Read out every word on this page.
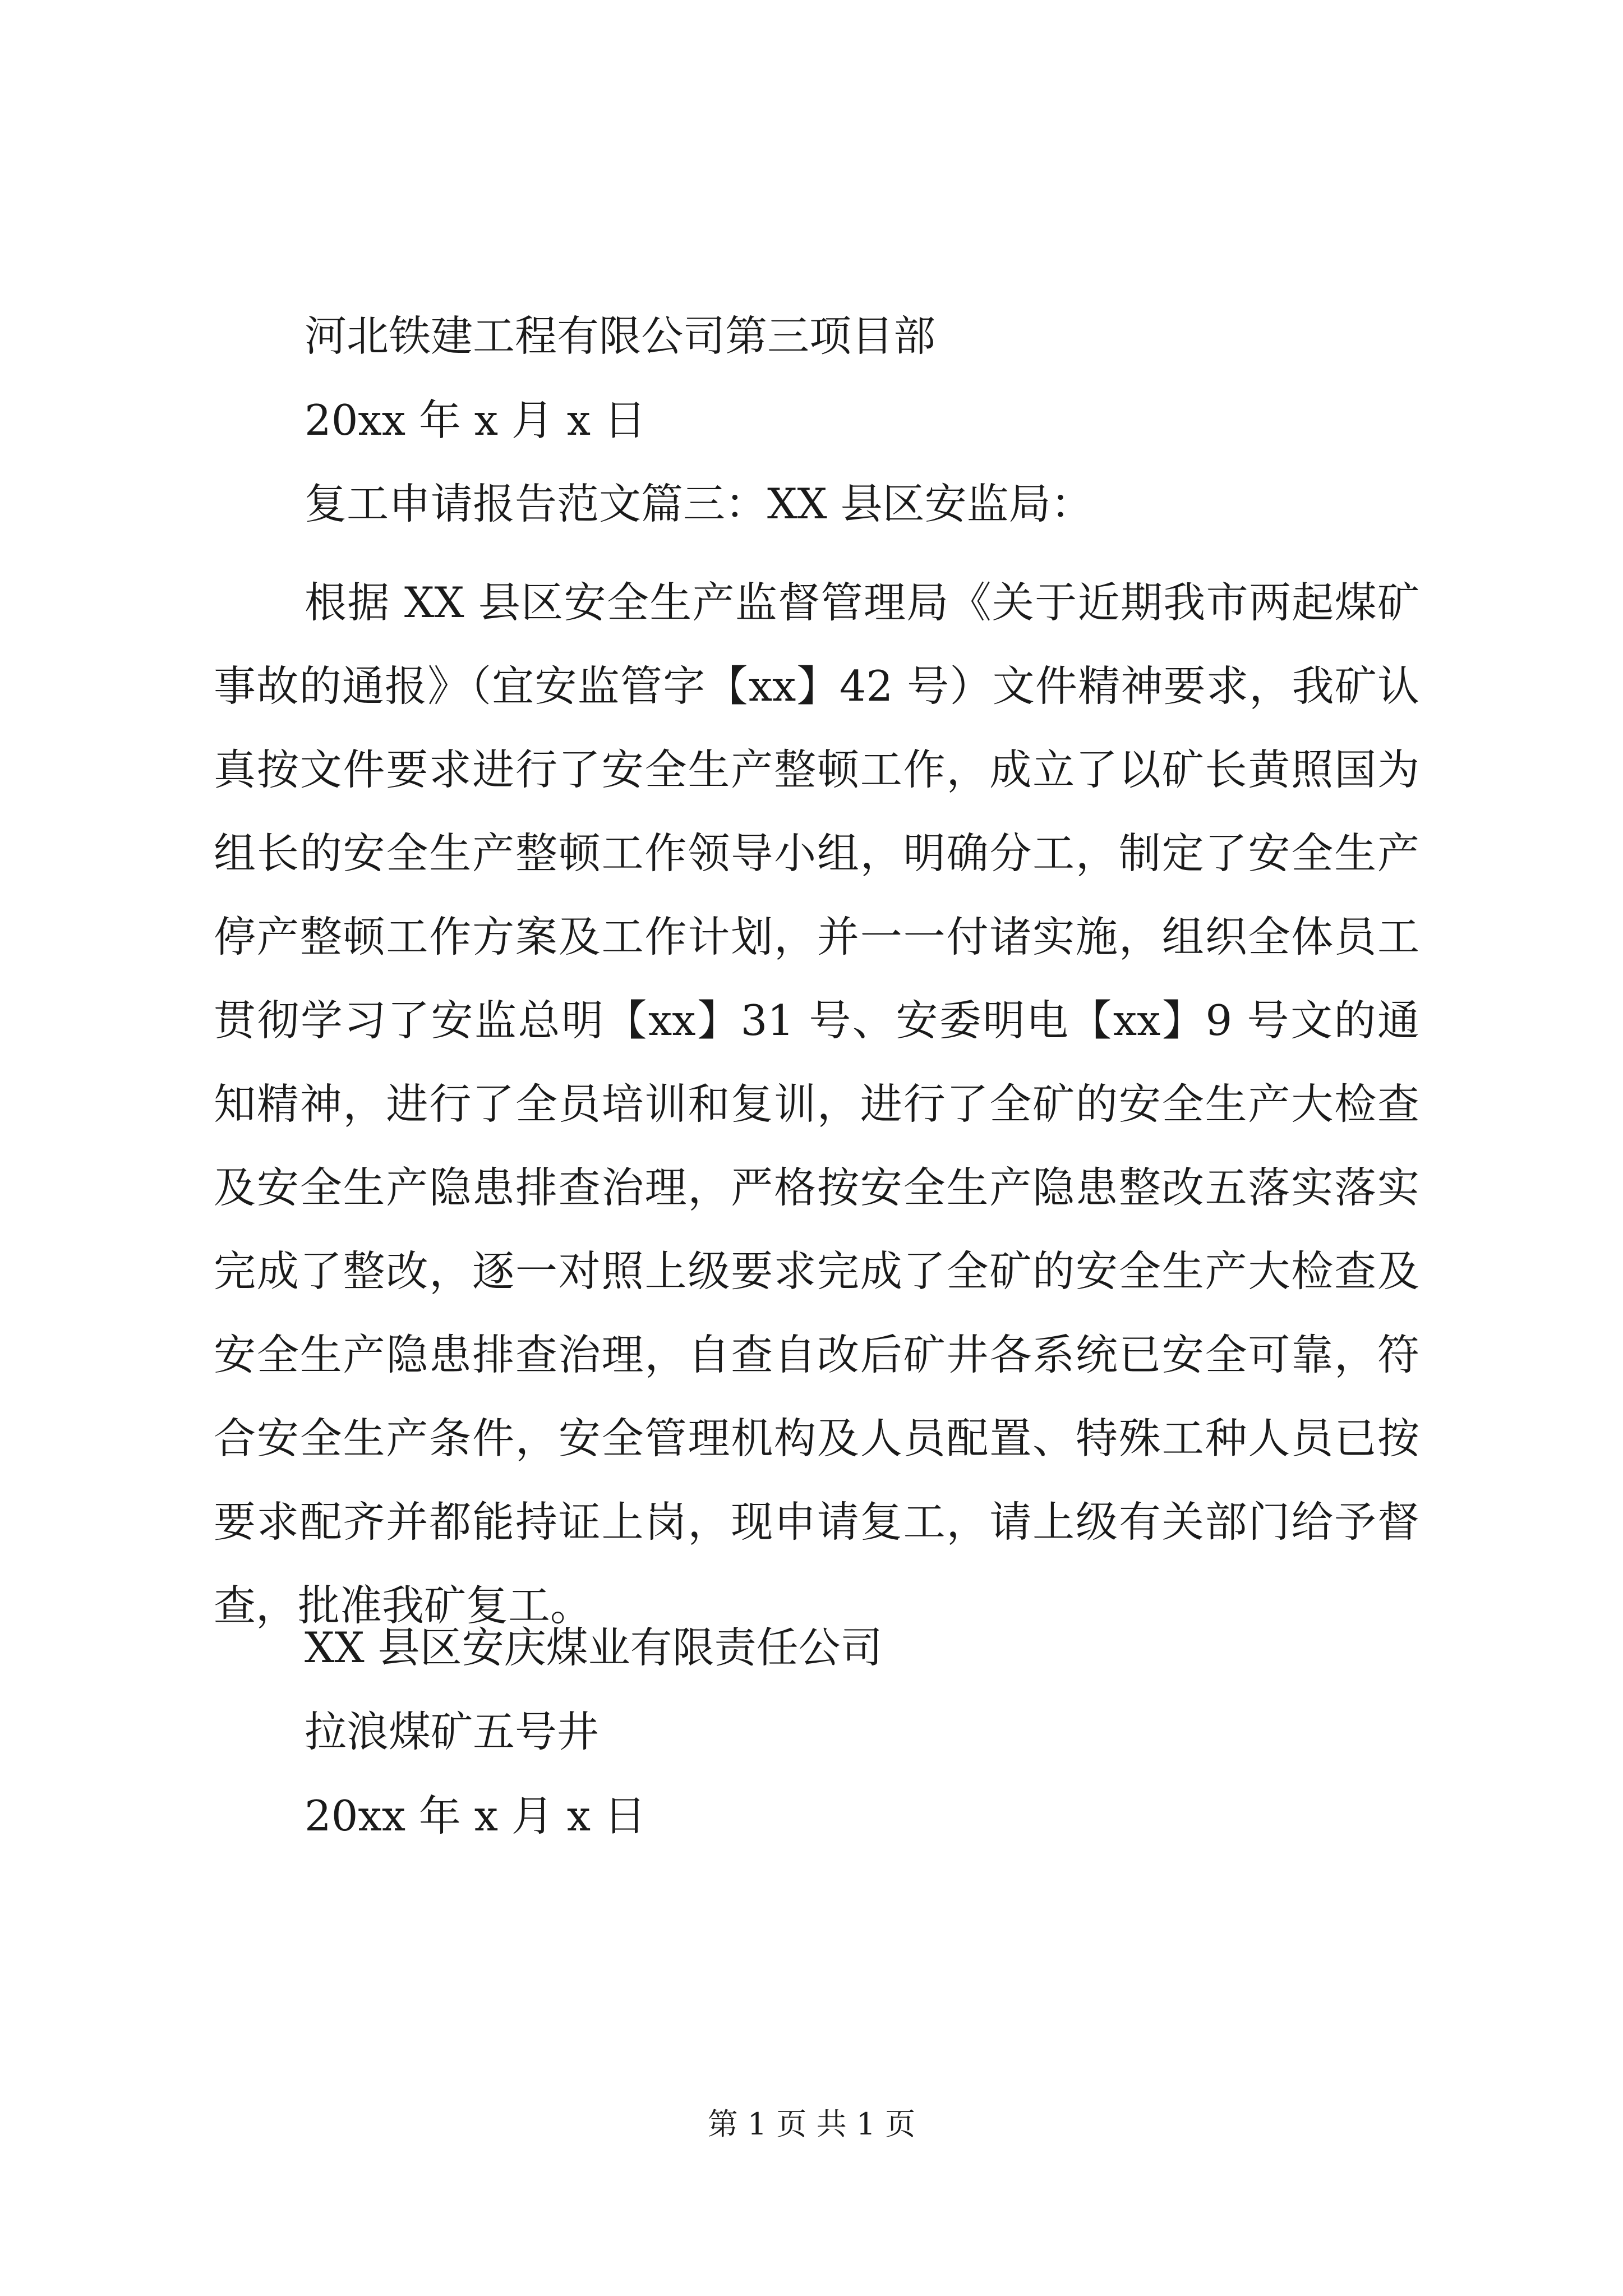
河北铁建工程有限公司第三项目部
20xx 年 x 月 x 日
复工申请报告范文篇三：XX 县区安监局：

根据 XX 县区安全生产监督管理局《关于近期我市两起煤矿事故的通报》（宜安监管字【xx】42 号）文件精神要求，我矿认真按文件要求进行了安全生产整顿工作，成立了以矿长黄照国为组长的安全生产整顿工作领导小组，明确分工，制定了安全生产停产整顿工作方案及工作计划，并一一付诸实施，组织全体员工贯彻学习了安监总明【xx】31 号、安委明电【xx】9 号文的通知精神，进行了全员培训和复训，进行了全矿的安全生产大检查及安全生产隐患排查治理，严格按安全生产隐患整改五落实落实完成了整改，逐一对照上级要求完成了全矿的安全生产大检查及安全生产隐患排查治理，自查自改后矿井各系统已安全可靠，符合安全生产条件，安全管理机构及人员配置、特殊工种人员已按要求配齐并都能持证上岗，现申请复工，请上级有关部门给予督查，批准我矿复工。

XX 县区安庆煤业有限责任公司
拉浪煤矿五号井
20xx 年 x 月 x 日
第 1 页 共 1 页
